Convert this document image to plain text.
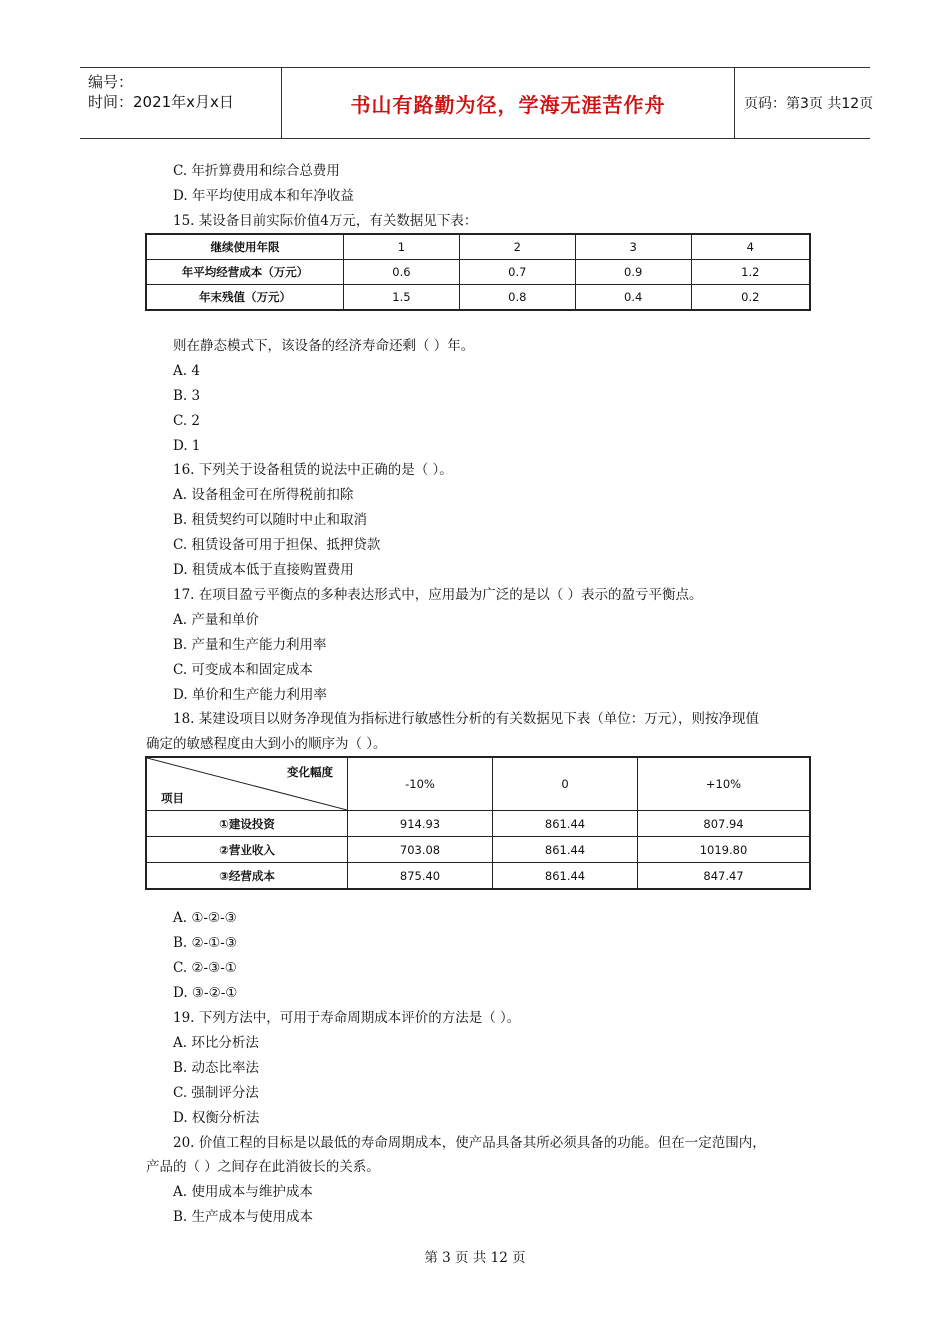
编号：
时间：2021年x月x日	书山有路勤为径，学海无涯苦作舟	页码：第3页 共12页
C. 年折算费用和综合总费用
D. 年平均使用成本和年净收益
15. 某设备目前实际价值4万元，有关数据见下表：
继续使用年限	1	2	3	4
年平均经营成本（万元）	0.6	0.7	0.9	1.2
年末残值（万元）	1.5	0.8	0.4	0.2
则在静态模式下，该设备的经济寿命还剩（ ）年。
A. 4
B. 3
C. 2
D. 1
16. 下列关于设备租赁的说法中正确的是（ ）。
A. 设备租金可在所得税前扣除
B. 租赁契约可以随时中止和取消
C. 租赁设备可用于担保、抵押贷款
D. 租赁成本低于直接购置费用
17. 在项目盈亏平衡点的多种表达形式中，应用最为广泛的是以（ ）表示的盈亏平衡点。
A. 产量和单价
B. 产量和生产能力利用率
C. 可变成本和固定成本
D. 单价和生产能力利用率
18. 某建设项目以财务净现值为指标进行敏感性分析的有关数据见下表（单位：万元），则按净现值
确定的敏感程度由大到小的顺序为（ ）。
变化幅度
项目	-10%	0	+10%
①建设投资	914.93	861.44	807.94
②营业收入	703.08	861.44	1019.80
③经营成本	875.40	861.44	847.47
A. ①-②-③
B. ②-①-③
C. ②-③-①
D. ③-②-①
19. 下列方法中，可用于寿命周期成本评价的方法是（ ）。
A. 环比分析法
B. 动态比率法
C. 强制评分法
D. 权衡分析法
20. 价值工程的目标是以最低的寿命周期成本，使产品具备其所必须具备的功能。但在一定范围内，
产品的（ ）之间存在此消彼长的关系。
A. 使用成本与维护成本
B. 生产成本与使用成本
第 3 页 共 12 页
